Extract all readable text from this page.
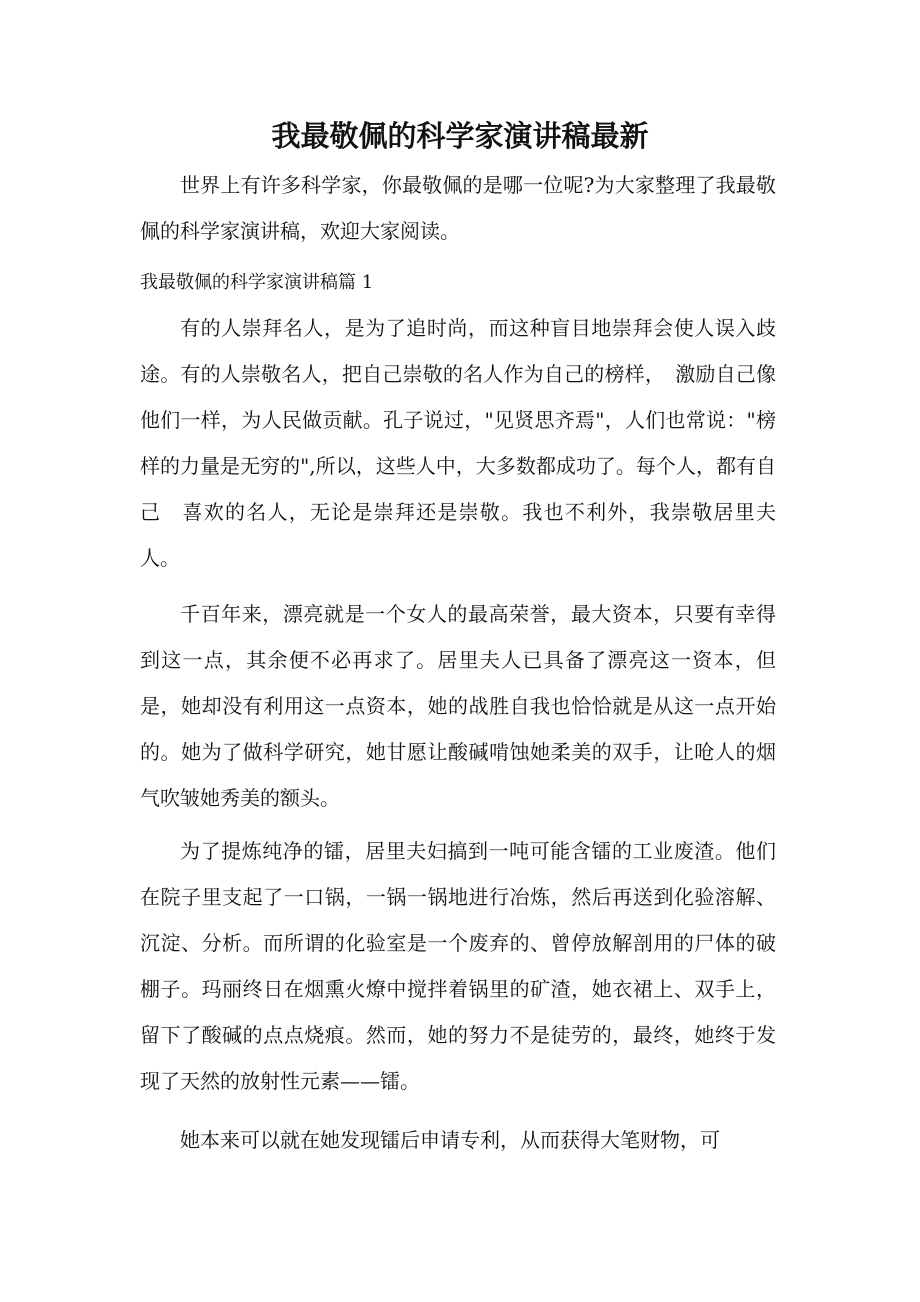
我最敬佩的科学家演讲稿最新

世界上有许多科学家，你最敬佩的是哪一位呢?为大家整理了我最敬佩的科学家演讲稿，欢迎大家阅读。

我最敬佩的科学家演讲稿篇 1

有的人崇拜名人，是为了追时尚，而这种盲目地崇拜会使人误入歧途。有的人崇敬名人，把自己崇敬的名人作为自己的榜样，　激励自己像他们一样，为人民做贡献。孔子说过，"见贤思齐焉"，人们也常说："榜样的力量是无穷的",所以，这些人中，大多数都成功了。每个人，都有自己　喜欢的名人，无论是崇拜还是崇敬。我也不利外，我崇敬居里夫人。

千百年来，漂亮就是一个女人的最高荣誉，最大资本，只要有幸得到这一点，其余便不必再求了。居里夫人已具备了漂亮这一资本，但是，她却没有利用这一点资本，她的战胜自我也恰恰就是从这一点开始的。她为了做科学研究，她甘愿让酸碱啃蚀她柔美的双手，让呛人的烟气吹皱她秀美的额头。

为了提炼纯净的镭，居里夫妇搞到一吨可能含镭的工业废渣。他们在院子里支起了一口锅，一锅一锅地进行冶炼，然后再送到化验溶解、沉淀、分析。而所谓的化验室是一个废弃的、曾停放解剖用的尸体的破棚子。玛丽终日在烟熏火燎中搅拌着锅里的矿渣，她衣裙上、双手上，留下了酸碱的点点烧痕。然而，她的努力不是徒劳的，最终，她终于发现了天然的放射性元素——镭。

她本来可以就在她发现镭后申请专利，从而获得大笔财物，可
